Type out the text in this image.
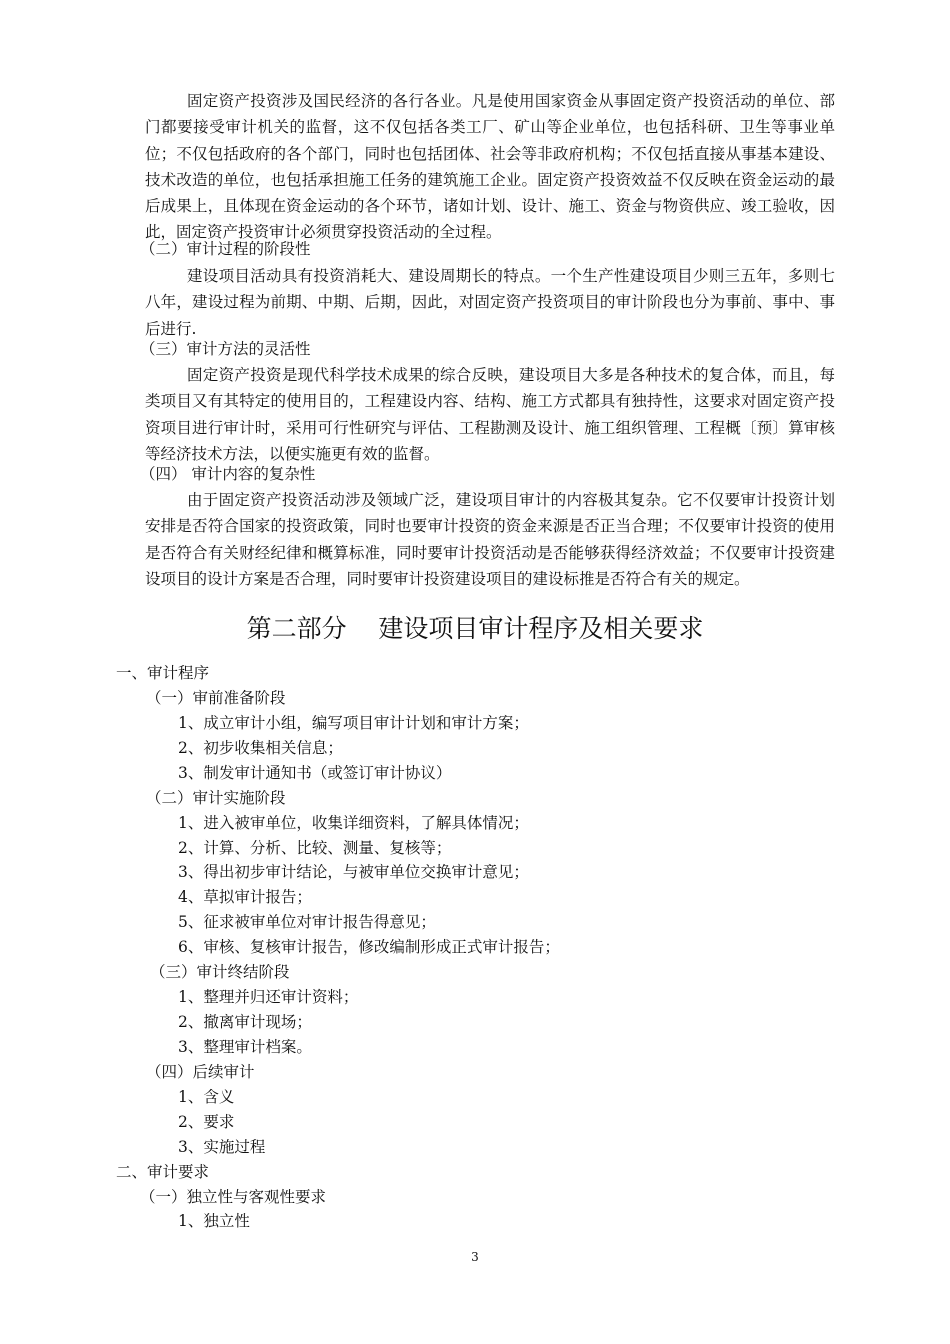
固定资产投资涉及国民经济的各行各业。凡是使用国家资金从事固定资产投资活动的单位、部门都要接受审计机关的监督，这不仅包括各类工厂、矿山等企业单位，也包括科研、卫生等事业单位；不仅包括政府的各个部门，同时也包括团体、社会等非政府机构；不仅包括直接从事基本建设、技术改造的单位，也包括承担施工任务的建筑施工企业。固定资产投资效益不仅反映在资金运动的最后成果上，且体现在资金运动的各个环节，诸如计划、设计、施工、资金与物资供应、竣工验收，因此，固定资产投资审计必须贯穿投资活动的全过程。

（二）审计过程的阶段性

建设项目活动具有投资消耗大、建设周期长的特点。一个生产性建设项目少则三五年，多则七八年，建设过程为前期、中期、后期，因此，对固定资产投资项目的审计阶段也分为事前、事中、事后进行.

（三）审计方法的灵活性

固定资产投资是现代科学技术成果的综合反映，建设项目大多是各种技术的复合体，而且，每类项目又有其特定的使用目的，工程建设内容、结构、施工方式都具有独持性，这要求对固定资产投资项目进行审计时，采用可行性研究与评估、工程勘测及设计、施工组织管理、工程概〔预〕算审核等经济技术方法，以便实施更有效的监督。

（四） 审计内容的复杂性

由于固定资产投资活动涉及领域广泛，建设项目审计的内容极其复杂。它不仅要审计投资计划安排是否符合国家的投资政策，同时也要审计投资的资金来源是否正当合理；不仅要审计投资的使用是否符合有关财经纪律和概算标准，同时要审计投资活动是否能够获得经济效益；不仅要审计投资建设项目的设计方案是否合理，同时要审计投资建设项目的建设标推是否符合有关的规定。

第二部分    建设项目审计程序及相关要求
一、审计程序
（一）审前准备阶段
1、成立审计小组，编写项目审计计划和审计方案；
2、初步收集相关信息；
3、制发审计通知书（或签订审计协议）
（二）审计实施阶段
1、进入被审单位，收集详细资料，了解具体情况；
2、计算、分析、比较、测量、复核等；
3、得出初步审计结论，与被审单位交换审计意见；
4、草拟审计报告；
5、征求被审单位对审计报告得意见；
6、审核、复核审计报告，修改编制形成正式审计报告；
（三）审计终结阶段
1、整理并归还审计资料；
2、撤离审计现场；
3、整理审计档案。
（四）后续审计
1、含义
2、要求
3、实施过程
二、审计要求
（一）独立性与客观性要求
1、独立性
3
